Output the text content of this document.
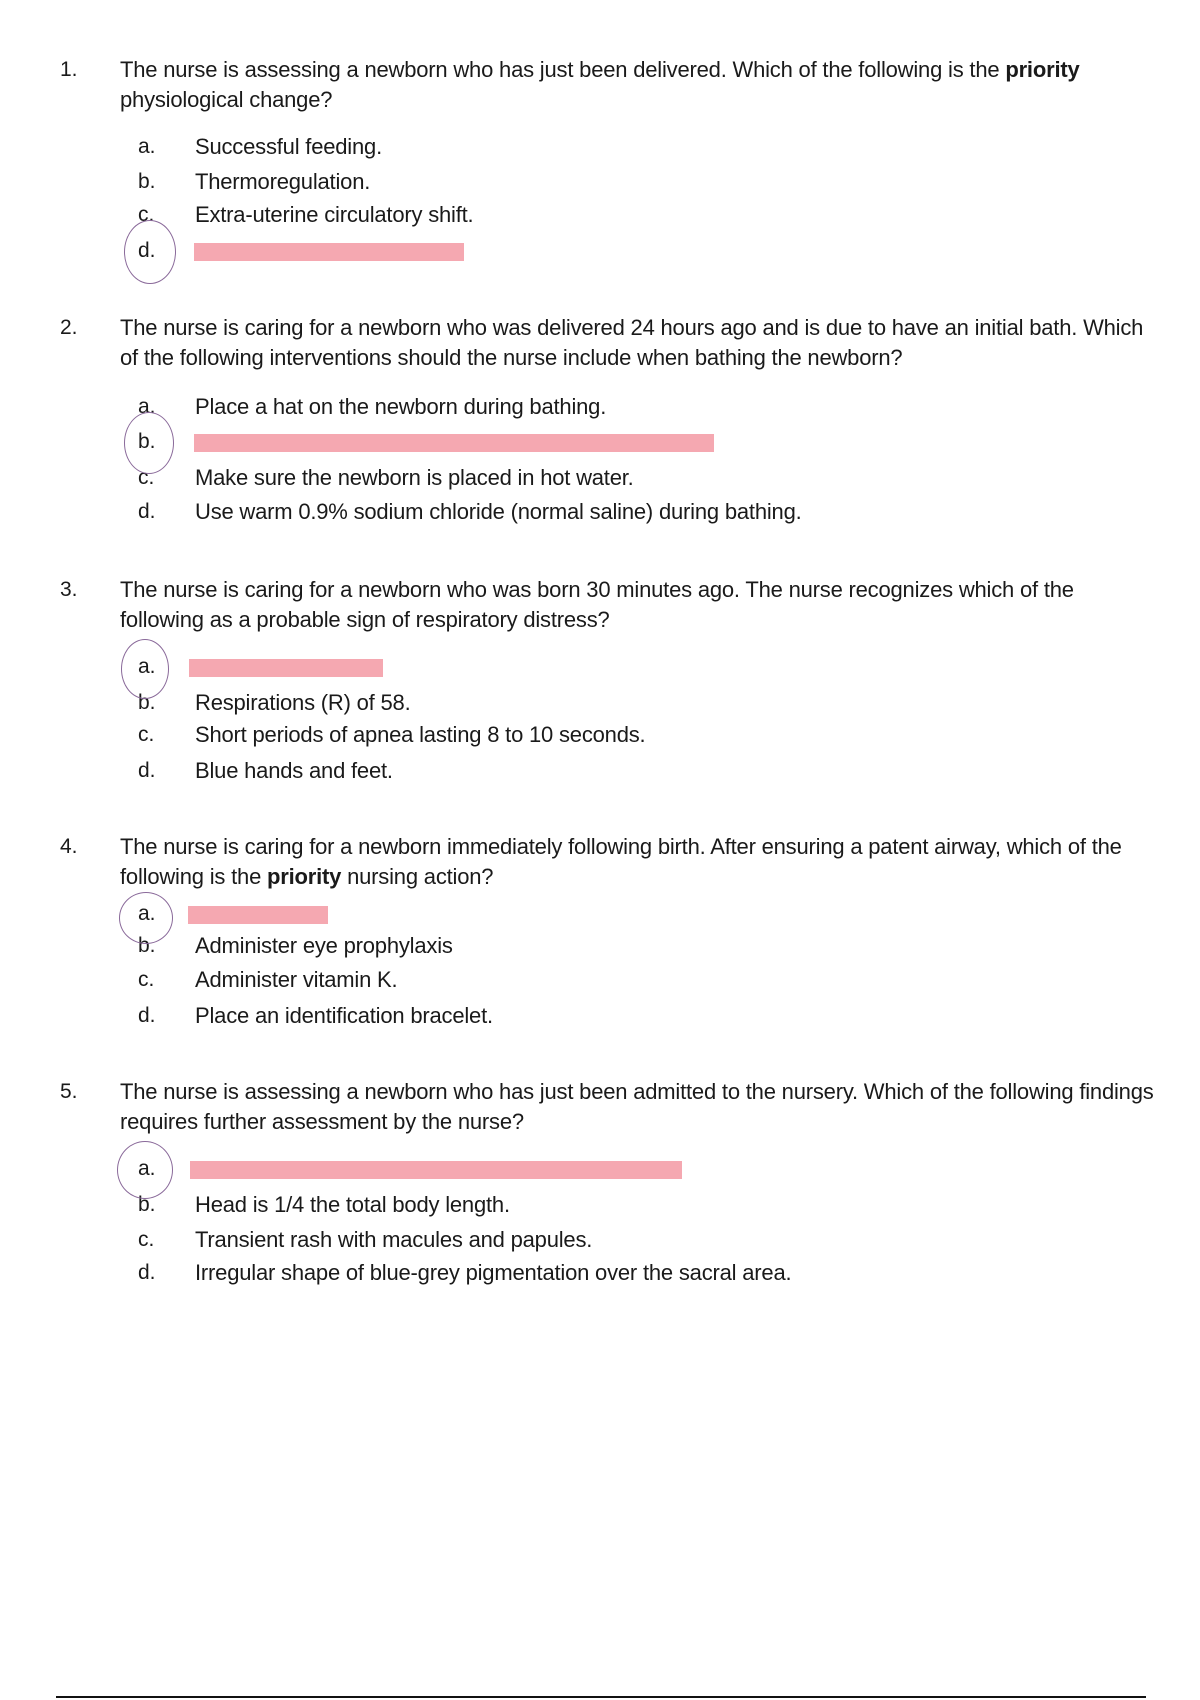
1. The nurse is assessing a newborn who has just been delivered. Which of the following is the priority physiological change?
a. Successful feeding.
b. Thermoregulation.
c. Extra-uterine circulatory shift.
d.
2. The nurse is caring for a newborn who was delivered 24 hours ago and is due to have an initial bath. Which of the following interventions should the nurse include when bathing the newborn?
a. Place a hat on the newborn during bathing.
b.
c. Make sure the newborn is placed in hot water.
d. Use warm 0.9% sodium chloride (normal saline) during bathing.
3. The nurse is caring for a newborn who was born 30 minutes ago. The nurse recognizes which of the following as a probable sign of respiratory distress?
a.
b. Respirations (R) of 58.
c. Short periods of apnea lasting 8 to 10 seconds.
d. Blue hands and feet.
4. The nurse is caring for a newborn immediately following birth. After ensuring a patent airway, which of the following is the priority nursing action?
a.
b. Administer eye prophylaxis
c. Administer vitamin K.
d. Place an identification bracelet.
5. The nurse is assessing a newborn who has just been admitted to the nursery. Which of the following findings requires further assessment by the nurse?
a.
b. Head is 1/4 the total body length.
c. Transient rash with macules and papules.
d. Irregular shape of blue-grey pigmentation over the sacral area.
